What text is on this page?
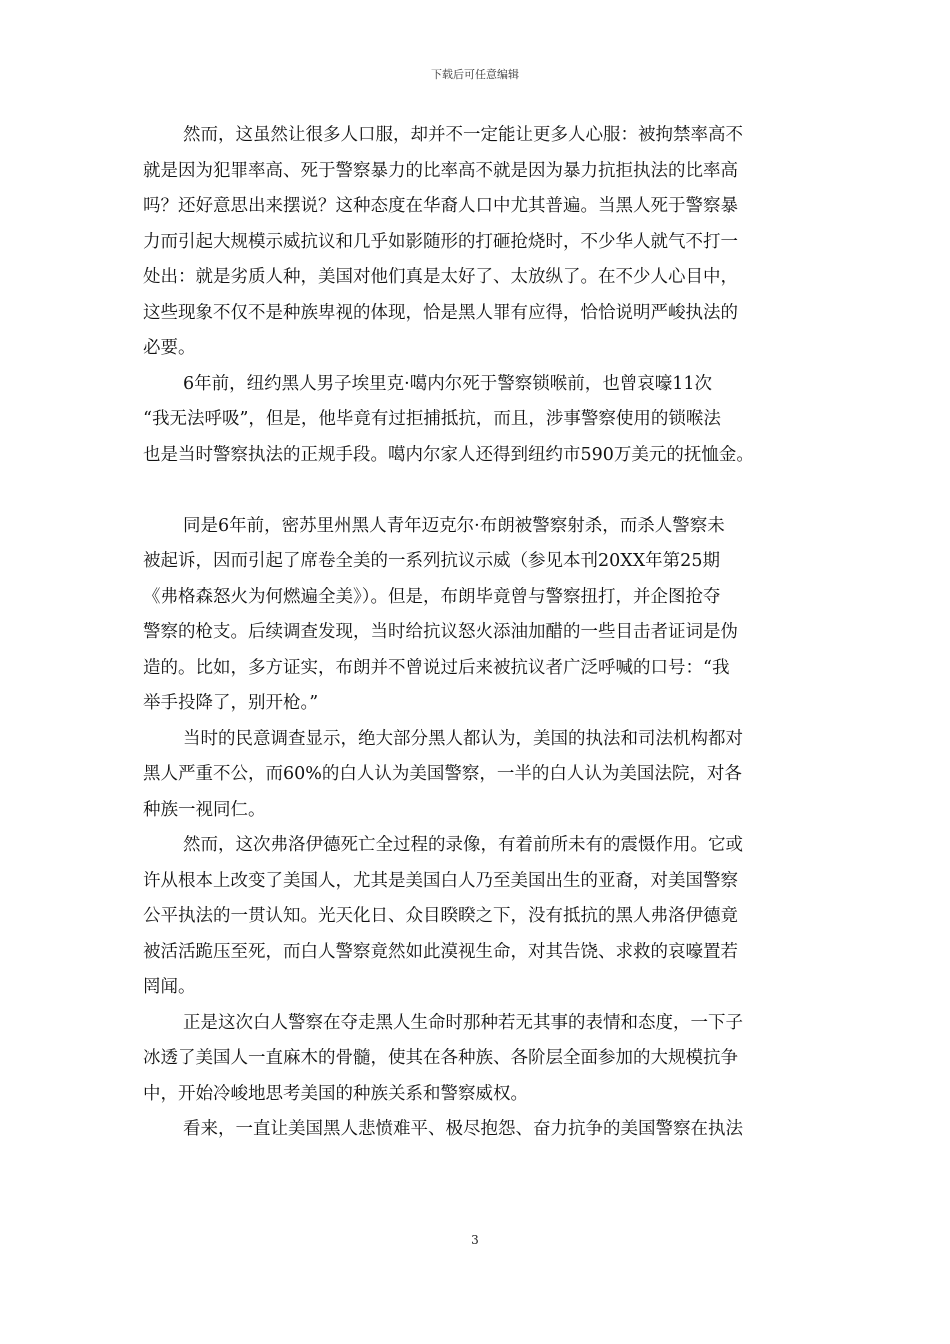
下载后可任意编辑
然而，这虽然让很多人口服，却并不一定能让更多人心服：被拘禁率高不
就是因为犯罪率高、死于警察暴力的比率高不就是因为暴力抗拒执法的比率高
吗？还好意思出来摆说？这种态度在华裔人口中尤其普遍。当黑人死于警察暴
力而引起大规模示威抗议和几乎如影随形的打砸抢烧时，不少华人就气不打一
处出：就是劣质人种，美国对他们真是太好了、太放纵了。在不少人心目中，
这些现象不仅不是种族卑视的体现，恰是黑人罪有应得，恰恰说明严峻执法的
必要。
6年前，纽约黑人男子埃里克·噶内尔死于警察锁喉前，也曾哀嚎11次
“我无法呼吸”，但是，他毕竟有过拒捕抵抗，而且，涉事警察使用的锁喉法
也是当时警察执法的正规手段。噶内尔家人还得到纽约市590万美元的抚恤金。
同是6年前，密苏里州黑人青年迈克尔·布朗被警察射杀，而杀人警察未
被起诉，因而引起了席卷全美的一系列抗议示威（参见本刊20XX年第25期
《弗格森怒火为何燃遍全美》）。但是，布朗毕竟曾与警察扭打，并企图抢夺
警察的枪支。后续调查发现，当时给抗议怒火添油加醋的一些目击者证词是伪
造的。比如，多方证实，布朗并不曾说过后来被抗议者广泛呼喊的口号：“我
举手投降了，别开枪。”
当时的民意调查显示，绝大部分黑人都认为，美国的执法和司法机构都对
黑人严重不公，而60%的白人认为美国警察，一半的白人认为美国法院，对各
种族一视同仁。
然而，这次弗洛伊德死亡全过程的录像，有着前所未有的震慑作用。它或
许从根本上改变了美国人，尤其是美国白人乃至美国出生的亚裔，对美国警察
公平执法的一贯认知。光天化日、众目睽睽之下，没有抵抗的黑人弗洛伊德竟
被活活跪压至死，而白人警察竟然如此漠视生命，对其告饶、求救的哀嚎置若
罔闻。
正是这次白人警察在夺走黑人生命时那种若无其事的表情和态度，一下子
冰透了美国人一直麻木的骨髓，使其在各种族、各阶层全面参加的大规模抗争
中，开始冷峻地思考美国的种族关系和警察威权。
看来，一直让美国黑人悲愤难平、极尽抱怨、奋力抗争的美国警察在执法
3
